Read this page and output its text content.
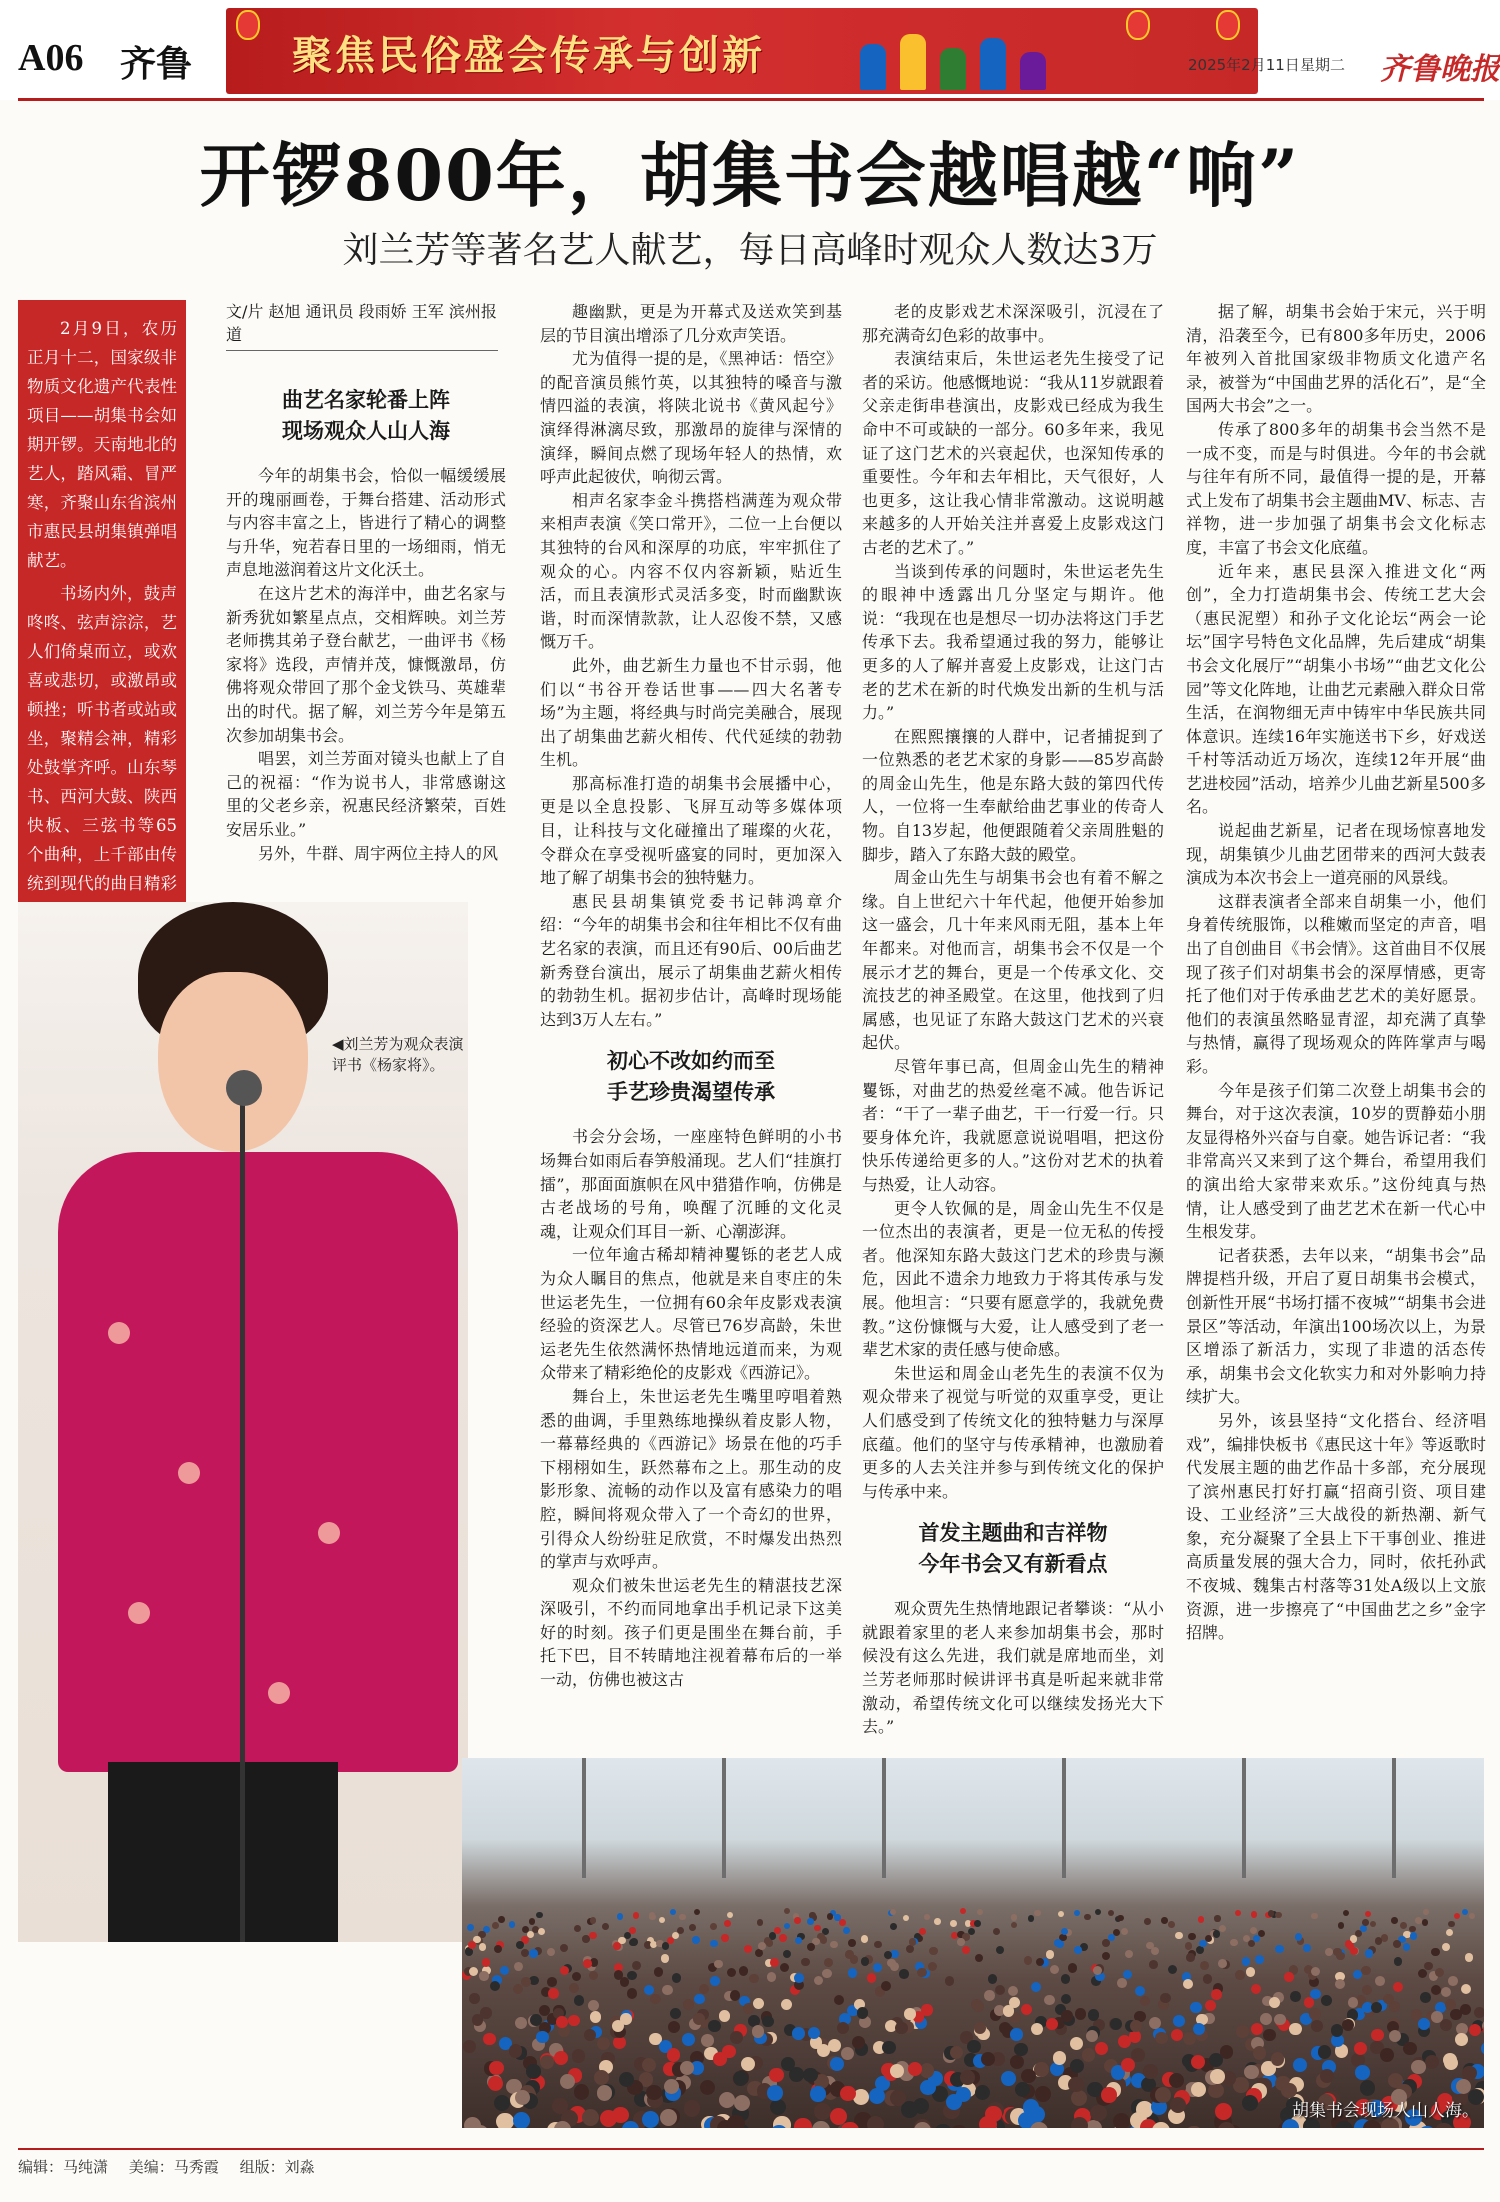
A06 齐鲁 聚焦民俗盛会传承与创新	2025年2月11日 星期二 齐鲁晚报
开锣800年，胡集书会越唱越“响”
刘兰芳等著名艺人献艺，每日高峰时观众人数达3万

2月9日，农历正月十二，国家级非物质文化遗产代表性项目——胡集书会如期开锣。天南地北的艺人，踏风霜、冒严寒，齐聚山东省滨州市惠民县胡集镇弹唱献艺。

书场内外，鼓声咚咚、弦声淙淙，艺人们倚桌而立，或欢喜或悲切，或激昂或顿挫；听书者或站或坐，聚精会神，精彩处鼓掌齐呼。山东琴书、西河大鼓、陕西快板、三弦书等65个曲种，上千部由传统到现代的曲目精彩

文/片 赵旭 通讯员 段雨娇 王军 滨州报道
曲艺名家轮番上阵
现场观众人山人海

今年的胡集书会，恰似一幅缓缓展开的瑰丽画卷，于舞台搭建、活动形式与内容丰富之上，皆进行了精心的调整与升华，宛若春日里的一场细雨，悄无声息地滋润着这片文化沃土。

在这片艺术的海洋中，曲艺名家与新秀犹如繁星点点，交相辉映。刘兰芳老师携其弟子登台献艺，一曲评书《杨家将》选段，声情并茂，慷慨激昂，仿佛将观众带回了那个金戈铁马、英雄辈出的时代。据了解，刘兰芳今年是第五次参加胡集书会。

唱罢，刘兰芳面对镜头也献上了自己的祝福：“作为说书人，非常感谢这里的父老乡亲，祝惠民经济繁荣，百姓安居乐业。”

另外，牛群、周宇两位主持人的风

趣幽默，更是为开幕式及送欢笑到基层的节目演出增添了几分欢声笑语。

尤为值得一提的是，《黑神话：悟空》的配音演员熊竹英，以其独特的嗓音与激情四溢的表演，将陕北说书《黄风起兮》演绎得淋漓尽致，那激昂的旋律与深情的演绎，瞬间点燃了现场年轻人的热情，欢呼声此起彼伏，响彻云霄。

相声名家李金斗携搭档满莲为观众带来相声表演《笑口常开》，二位一上台便以其独特的台风和深厚的功底，牢牢抓住了观众的心。内容不仅内容新颖，贴近生活，而且表演形式灵活多变，时而幽默诙谐，时而深情款款，让人忍俊不禁，又感慨万千。

此外，曲艺新生力量也不甘示弱，他们以“书谷开卷话世事——四大名著专场”为主题，将经典与时尚完美融合，展现出了胡集曲艺薪火相传、代代延续的勃勃生机。

那高标准打造的胡集书会展播中心，更是以全息投影、飞屏互动等多媒体项目，让科技与文化碰撞出了璀璨的火花，令群众在享受视听盛宴的同时，更加深入地了解了胡集书会的独特魅力。

惠民县胡集镇党委书记韩鸿章介绍：“今年的胡集书会和往年相比不仅有曲艺名家的表演，而且还有90后、00后曲艺新秀登台演出，展示了胡集曲艺薪火相传的勃勃生机。据初步估计，高峰时现场能达到3万人左右。”

初心不改如约而至
手艺珍贵渴望传承

书会分会场，一座座特色鲜明的小书场舞台如雨后春笋般涌现。艺人们“挂旗打擂”，那面面旗帜在风中猎猎作响，仿佛是古老战场的号角，唤醒了沉睡的文化灵魂，让观众们耳目一新、心潮澎湃。

一位年逾古稀却精神矍铄的老艺人成为众人瞩目的焦点，他就是来自枣庄的朱世运老先生，一位拥有60余年皮影戏表演经验的资深艺人。尽管已76岁高龄，朱世运老先生依然满怀热情地远道而来，为观众带来了精彩绝伦的皮影戏《西游记》。

舞台上，朱世运老先生嘴里哼唱着熟悉的曲调，手里熟练地操纵着皮影人物，一幕幕经典的《西游记》场景在他的巧手下栩栩如生，跃然幕布之上。那生动的皮影形象、流畅的动作以及富有感染力的唱腔，瞬间将观众带入了一个奇幻的世界，引得众人纷纷驻足欣赏，不时爆发出热烈的掌声与欢呼声。

观众们被朱世运老先生的精湛技艺深深吸引，不约而同地拿出手机记录下这美好的时刻。孩子们更是围坐在舞台前，手托下巴，目不转睛地注视着幕布后的一举一动，仿佛也被这古

老的皮影戏艺术深深吸引，沉浸在了那充满奇幻色彩的故事中。

表演结束后，朱世运老先生接受了记者的采访。他感慨地说：“我从11岁就跟着父亲走街串巷演出，皮影戏已经成为我生命中不可或缺的一部分。60多年来，我见证了这门艺术的兴衰起伏，也深知传承的重要性。今年和去年相比，天气很好，人也更多，这让我心情非常激动。这说明越来越多的人开始关注并喜爱上皮影戏这门古老的艺术了。”

当谈到传承的问题时，朱世运老先生的眼神中透露出几分坚定与期许。他说：“我现在也是想尽一切办法将这门手艺传承下去。我希望通过我的努力，能够让更多的人了解并喜爱上皮影戏，让这门古老的艺术在新的时代焕发出新的生机与活力。”

在熙熙攘攘的人群中，记者捕捉到了一位熟悉的老艺术家的身影——85岁高龄的周金山先生，他是东路大鼓的第四代传人，一位将一生奉献给曲艺事业的传奇人物。自13岁起，他便跟随着父亲周胜魁的脚步，踏入了东路大鼓的殿堂。

周金山先生与胡集书会也有着不解之缘。自上世纪六十年代起，他便开始参加这一盛会，几十年来风雨无阻，基本上年年都来。对他而言，胡集书会不仅是一个展示才艺的舞台，更是一个传承文化、交流技艺的神圣殿堂。在这里，他找到了归属感，也见证了东路大鼓这门艺术的兴衰起伏。

尽管年事已高，但周金山先生的精神矍铄，对曲艺的热爱丝毫不减。他告诉记者：“干了一辈子曲艺，干一行爱一行。只要身体允许，我就愿意说说唱唱，把这份快乐传递给更多的人。”这份对艺术的执着与热爱，让人动容。

更令人钦佩的是，周金山先生不仅是一位杰出的表演者，更是一位无私的传授者。他深知东路大鼓这门艺术的珍贵与濒危，因此不遗余力地致力于将其传承与发展。他坦言：“只要有愿意学的，我就免费教。”这份慷慨与大爱，让人感受到了老一辈艺术家的责任感与使命感。

朱世运和周金山老先生的表演不仅为观众带来了视觉与听觉的双重享受，更让人们感受到了传统文化的独特魅力与深厚底蕴。他们的坚守与传承精神，也激励着更多的人去关注并参与到传统文化的保护与传承中来。

首发主题曲和吉祥物
今年书会又有新看点

观众贾先生热情地跟记者攀谈：“从小就跟着家里的老人来参加胡集书会，那时候没有这么先进，我们就是席地而坐，刘兰芳老师那时候讲评书真是听起来就非常激动，希望传统文化可以继续发扬光大下去。”

据了解，胡集书会始于宋元，兴于明清，沿袭至今，已有800多年历史，2006年被列入首批国家级非物质文化遗产名录，被誉为“中国曲艺界的活化石”，是“全国两大书会”之一。

传承了800多年的胡集书会当然不是一成不变，而是与时俱进。今年的书会就与往年有所不同，最值得一提的是，开幕式上发布了胡集书会主题曲MV、标志、吉祥物，进一步加强了胡集书会文化标志度，丰富了书会文化底蕴。

近年来，惠民县深入推进文化“两创”，全力打造胡集书会、传统工艺大会（惠民泥塑）和孙子文化论坛“两会一论坛”国字号特色文化品牌，先后建成“胡集书会文化展厅”“胡集小书场”“曲艺文化公园”等文化阵地，让曲艺元素融入群众日常生活，在润物细无声中铸牢中华民族共同体意识。连续16年实施送书下乡，好戏送千村等活动近万场次，连续12年开展“曲艺进校园”活动，培养少儿曲艺新星500多名。

说起曲艺新星，记者在现场惊喜地发现，胡集镇少儿曲艺团带来的西河大鼓表演成为本次书会上一道亮丽的风景线。

这群表演者全部来自胡集一小，他们身着传统服饰，以稚嫩而坚定的声音，唱出了自创曲目《书会情》。这首曲目不仅展现了孩子们对胡集书会的深厚情感，更寄托了他们对于传承曲艺艺术的美好愿景。他们的表演虽然略显青涩，却充满了真挚与热情，赢得了现场观众的阵阵掌声与喝彩。

今年是孩子们第二次登上胡集书会的舞台，对于这次表演，10岁的贾静茹小朋友显得格外兴奋与自豪。她告诉记者：“我非常高兴又来到了这个舞台，希望用我们的演出给大家带来欢乐。”这份纯真与热情，让人感受到了曲艺艺术在新一代心中生根发芽。

记者获悉，去年以来，“胡集书会”品牌提档升级，开启了夏日胡集书会模式，创新性开展“书场打擂不夜城”“胡集书会进景区”等活动，年演出100场次以上，为景区增添了新活力，实现了非遗的活态传承，胡集书会文化软实力和对外影响力持续扩大。

另外，该县坚持“文化搭台、经济唱戏”，编排快板书《惠民这十年》等返歌时代发展主题的曲艺作品十多部，充分展现了滨州惠民打好打赢“招商引资、项目建设、工业经济”三大战役的新热潮、新气象，充分凝聚了全县上下干事创业、推进高质量发展的强大合力，同时，依托孙武不夜城、魏集古村落等31处A级以上文旅资源，进一步擦亮了“中国曲艺之乡”金字招牌。

◀刘兰芳为观众表演评书《杨家将》。
胡集书会现场人山人海。
编辑：马纯潇 美编：马秀霞 组版：刘淼
